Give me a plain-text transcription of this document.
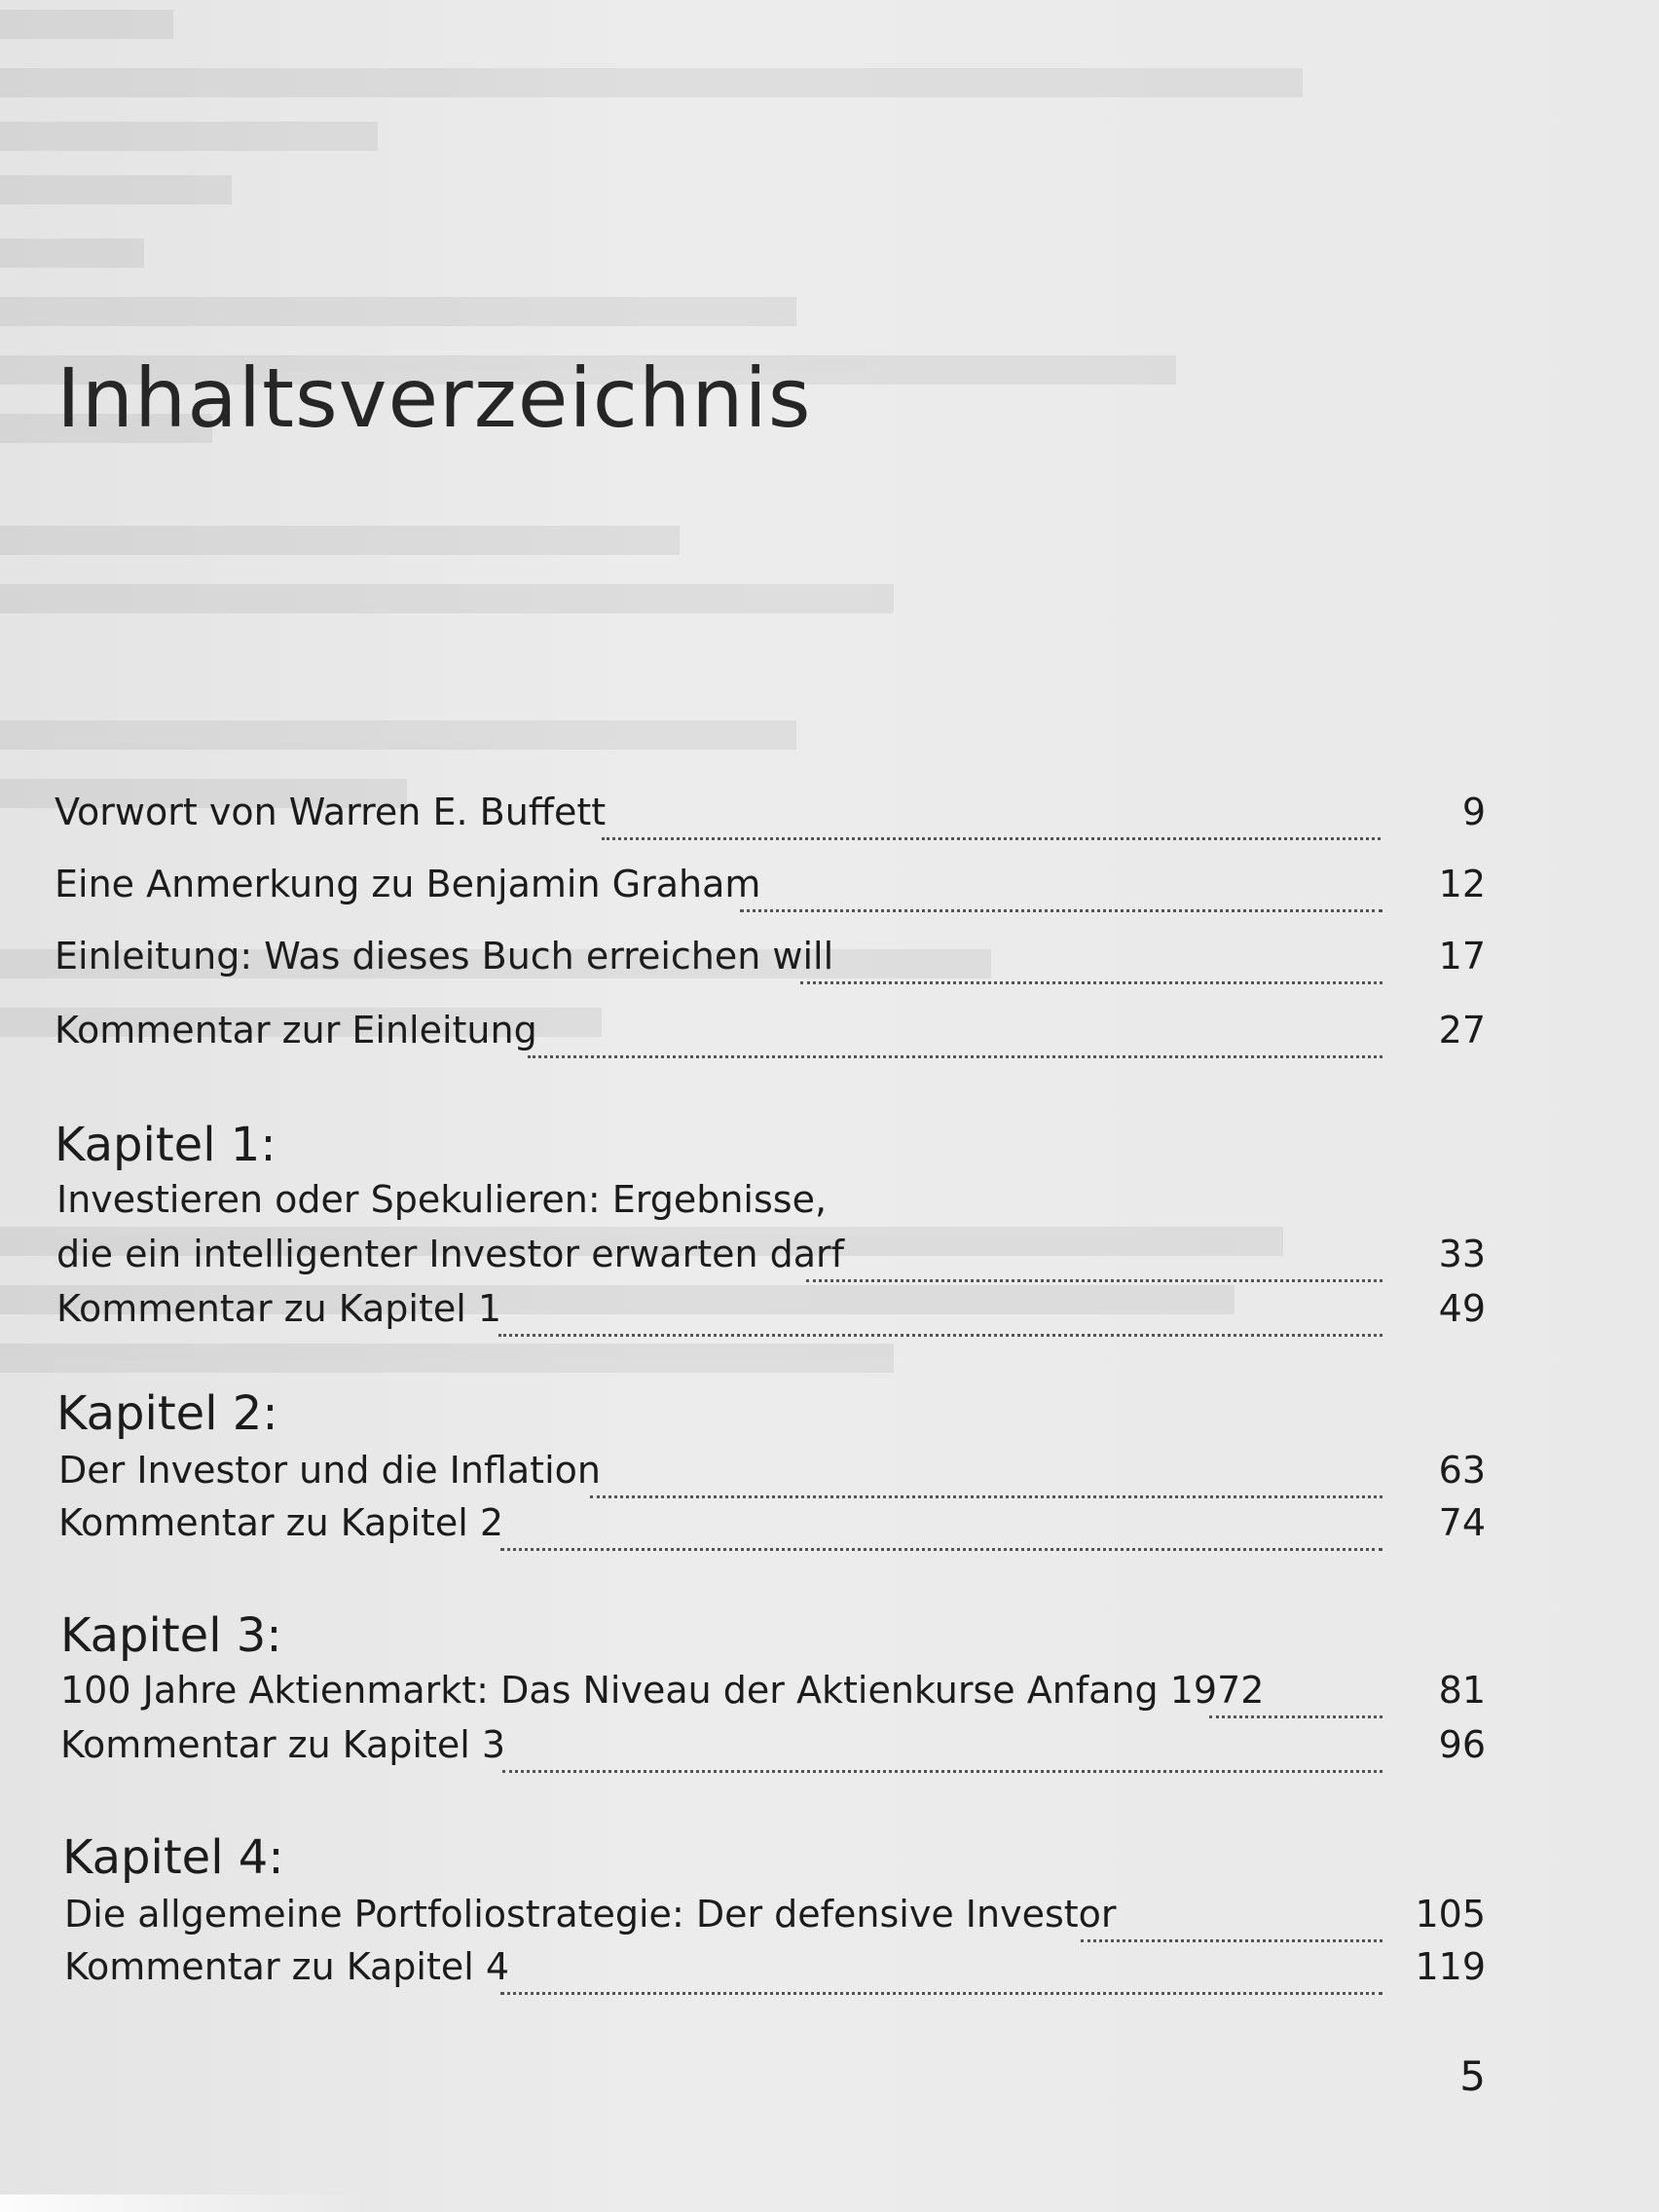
Inhaltsverzeichnis
Vorwort von Warren E. Buffett	9
Eine Anmerkung zu Benjamin Graham	12
Einleitung: Was dieses Buch erreichen will	17
Kommentar zur Einleitung	27
Kapitel 1:
Investieren oder Spekulieren: Ergebnisse,
die ein intelligenter Investor erwarten darf	33
Kommentar zu Kapitel 1	49
Kapitel 2:
Der Investor und die Inflation	63
Kommentar zu Kapitel 2	74
Kapitel 3:
100 Jahre Aktienmarkt: Das Niveau der Aktienkurse Anfang 1972	81
Kommentar zu Kapitel 3	96
Kapitel 4:
Die allgemeine Portfoliostrategie: Der defensive Investor	105
Kommentar zu Kapitel 4	119
5
